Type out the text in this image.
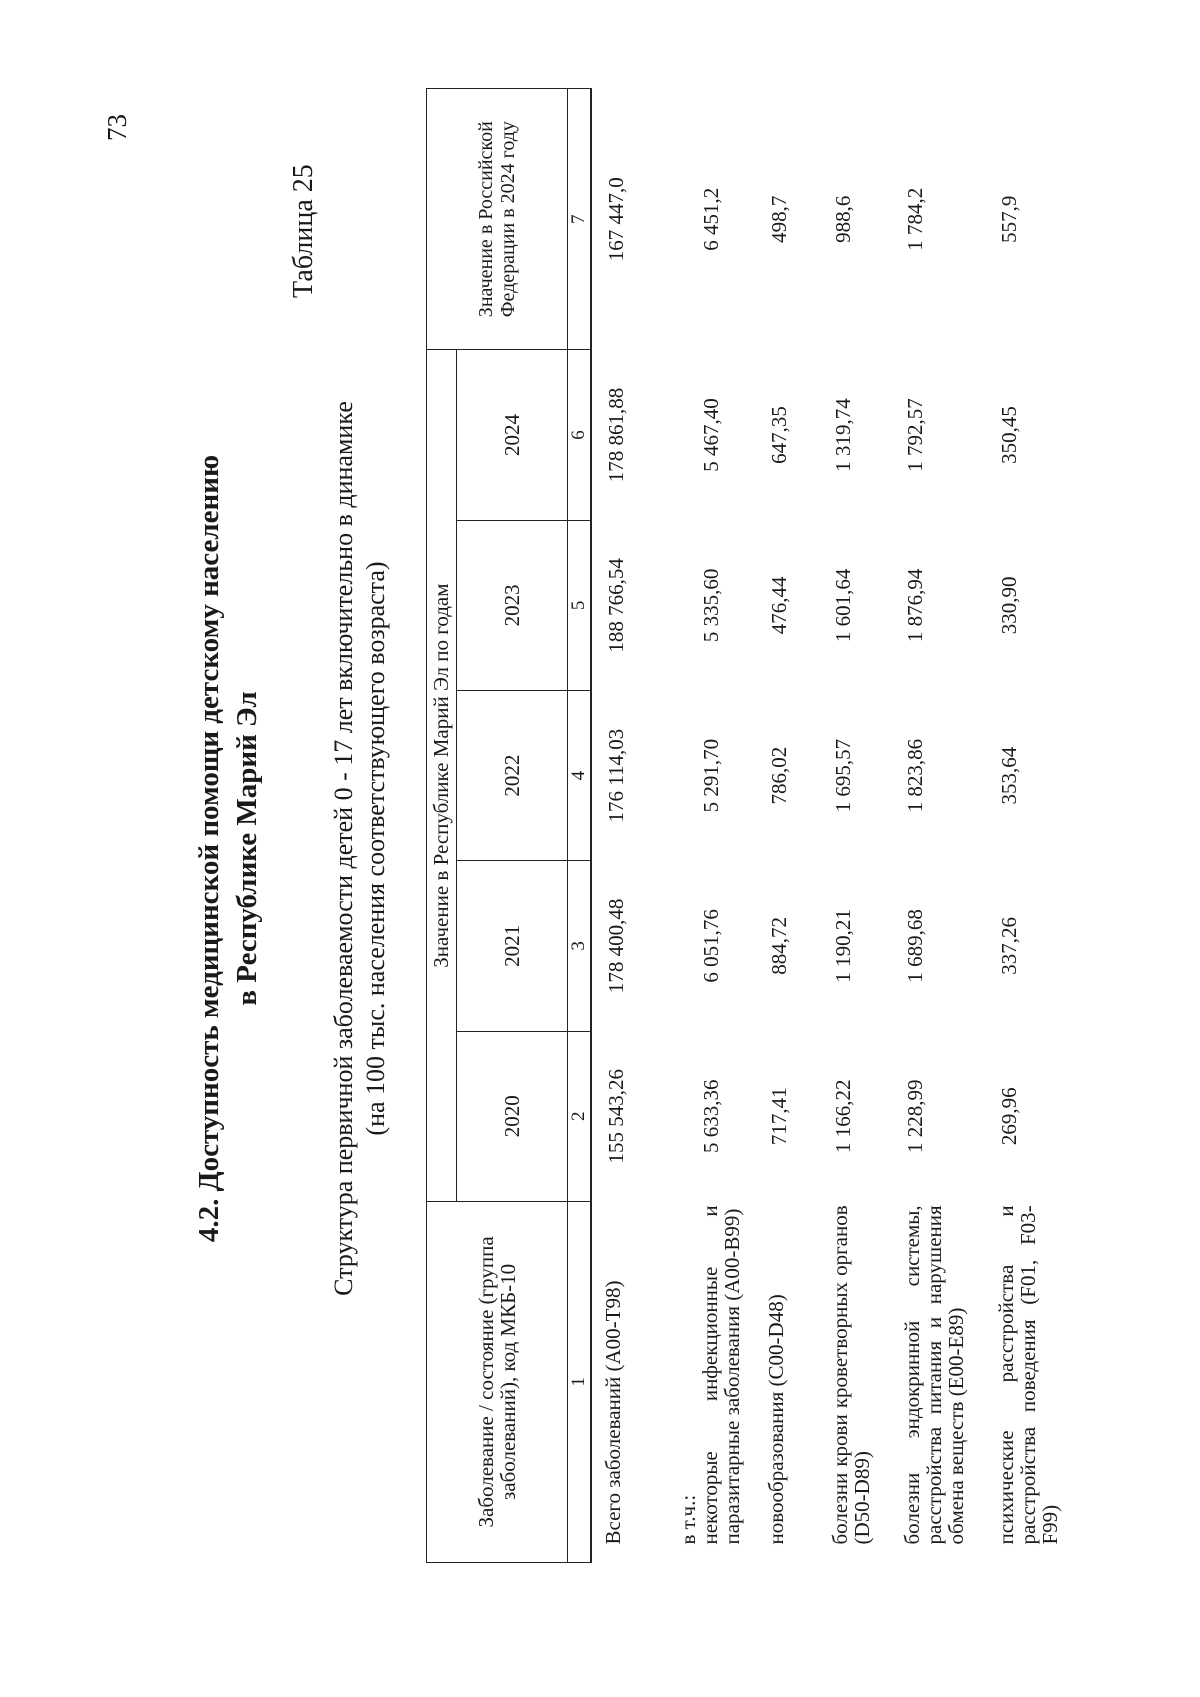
73
Таблица 25
4.2. Доступность медицинской помощи детскому населению в Республике Марий Эл	Структура первичной заболеваемости детей 0 - 17 лет включительно в динамике (на 100 тыс. населения соответствующего возраста)
Заболевание / состояние (группа заболеваний), код МКБ-10	Значение в Республике Марий Эл по годам					Значение в Российской Федерации в 2024 году
	2020	2021	2022	2023	2024	
1	2	3	4	5	6	7
Всего заболеваний (А00-Т98)	155 543,26	178 400,48	176 114,03	188 766,54	178 861,88	167 447,0

в т.ч.:
некоторые инфекционные и паразитарные заболевания (А00-В99)	5 633,36	6 051,76	5 291,70	5 335,60	5 467,40	6 451,2
новообразования (С00-D48)	717,41	884,72	786,02	476,44	647,35	498,7
болезни крови кроветворных органов (D50-D89)	1 166,22	1 190,21	1 695,57	1 601,64	1 319,74	988,6
болезни эндокринной системы, расстройства питания и нарушения обмена веществ (Е00-Е89)	1 228,99	1 689,68	1 823,86	1 876,94	1 792,57	1 784,2
психические расстройства и расстройства поведения (F01, F03-F99)	269,96	337,26	353,64	330,90	350,45	557,9
